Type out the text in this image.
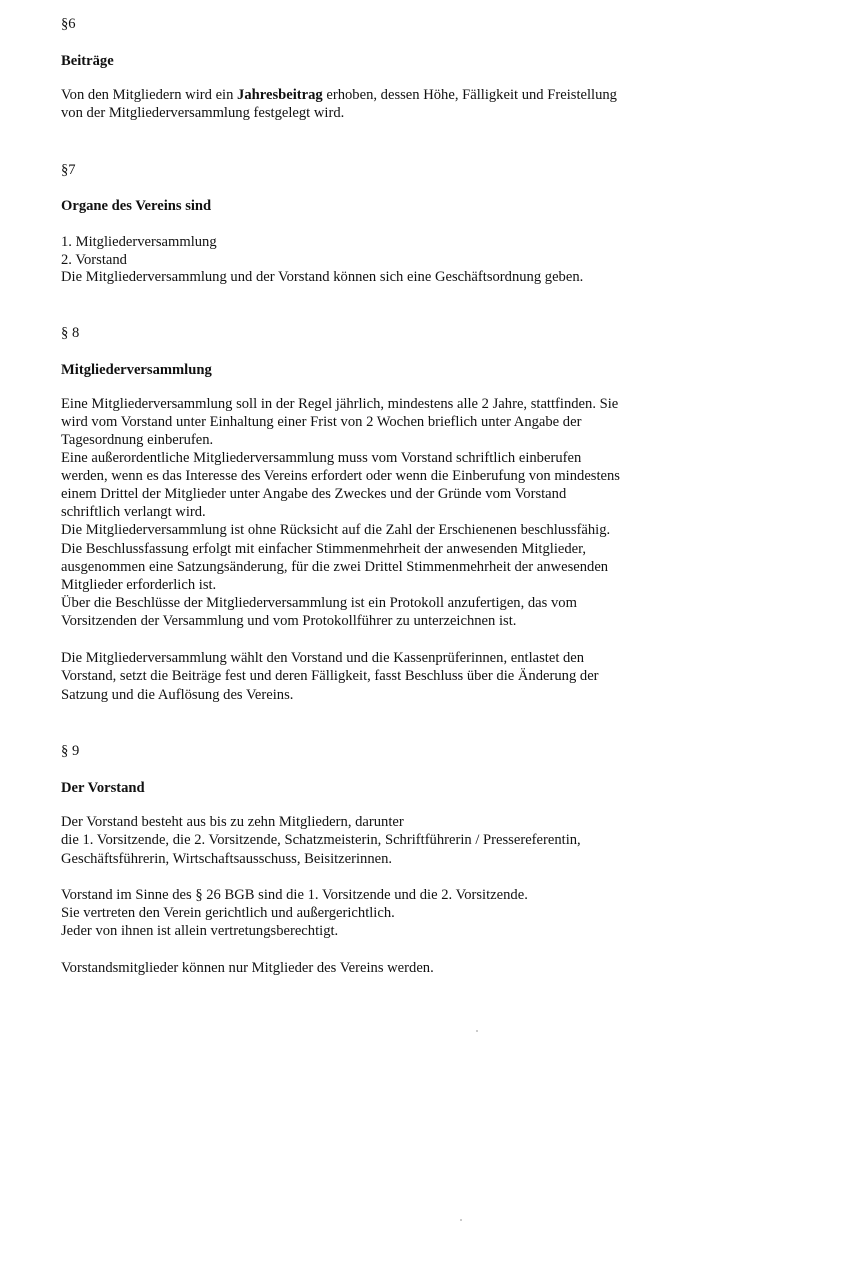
§6
Beiträge
Von den Mitgliedern wird ein Jahresbeitrag erhoben, dessen Höhe, Fälligkeit und Freistellung
von der Mitgliederversammlung festgelegt wird.
§7
Organe des Vereins sind
1. Mitgliederversammlung
2. Vorstand
Die Mitgliederversammlung und der Vorstand können sich eine Geschäftsordnung geben.
§ 8
Mitgliederversammlung
Eine Mitgliederversammlung soll in der Regel jährlich, mindestens alle 2 Jahre, stattfinden. Sie
wird vom Vorstand unter Einhaltung einer Frist von 2 Wochen brieflich unter Angabe der
Tagesordnung einberufen.
Eine außerordentliche Mitgliederversammlung muss vom Vorstand schriftlich einberufen
werden, wenn es das Interesse des Vereins erfordert oder wenn die Einberufung von mindestens
einem Drittel der Mitglieder unter Angabe des Zweckes und der Gründe vom Vorstand
schriftlich verlangt wird.
Die Mitgliederversammlung ist ohne Rücksicht auf die Zahl der Erschienenen beschlussfähig.
Die Beschlussfassung erfolgt mit einfacher Stimmenmehrheit der anwesenden Mitglieder,
ausgenommen eine Satzungsänderung, für die zwei Drittel Stimmenmehrheit der anwesenden
Mitglieder erforderlich ist.
Über die Beschlüsse der Mitgliederversammlung ist ein Protokoll anzufertigen, das vom
Vorsitzenden der Versammlung und vom Protokollführer zu unterzeichnen ist.
Die Mitgliederversammlung wählt den Vorstand und die Kassenprüferinnen, entlastet den
Vorstand, setzt die Beiträge fest und deren Fälligkeit, fasst Beschluss über die Änderung der
Satzung und die Auflösung des Vereins.
§ 9
Der Vorstand
Der Vorstand besteht aus bis zu zehn Mitgliedern, darunter
die 1. Vorsitzende, die 2. Vorsitzende, Schatzmeisterin, Schriftführerin / Pressereferentin,
Geschäftsführerin, Wirtschaftsausschuss, Beisitzerinnen.
Vorstand im Sinne des § 26 BGB sind die 1. Vorsitzende und die 2. Vorsitzende.
Sie vertreten den Verein gerichtlich und außergerichtlich.
Jeder von ihnen ist allein vertretungsberechtigt.
Vorstandsmitglieder können nur Mitglieder des Vereins werden.
